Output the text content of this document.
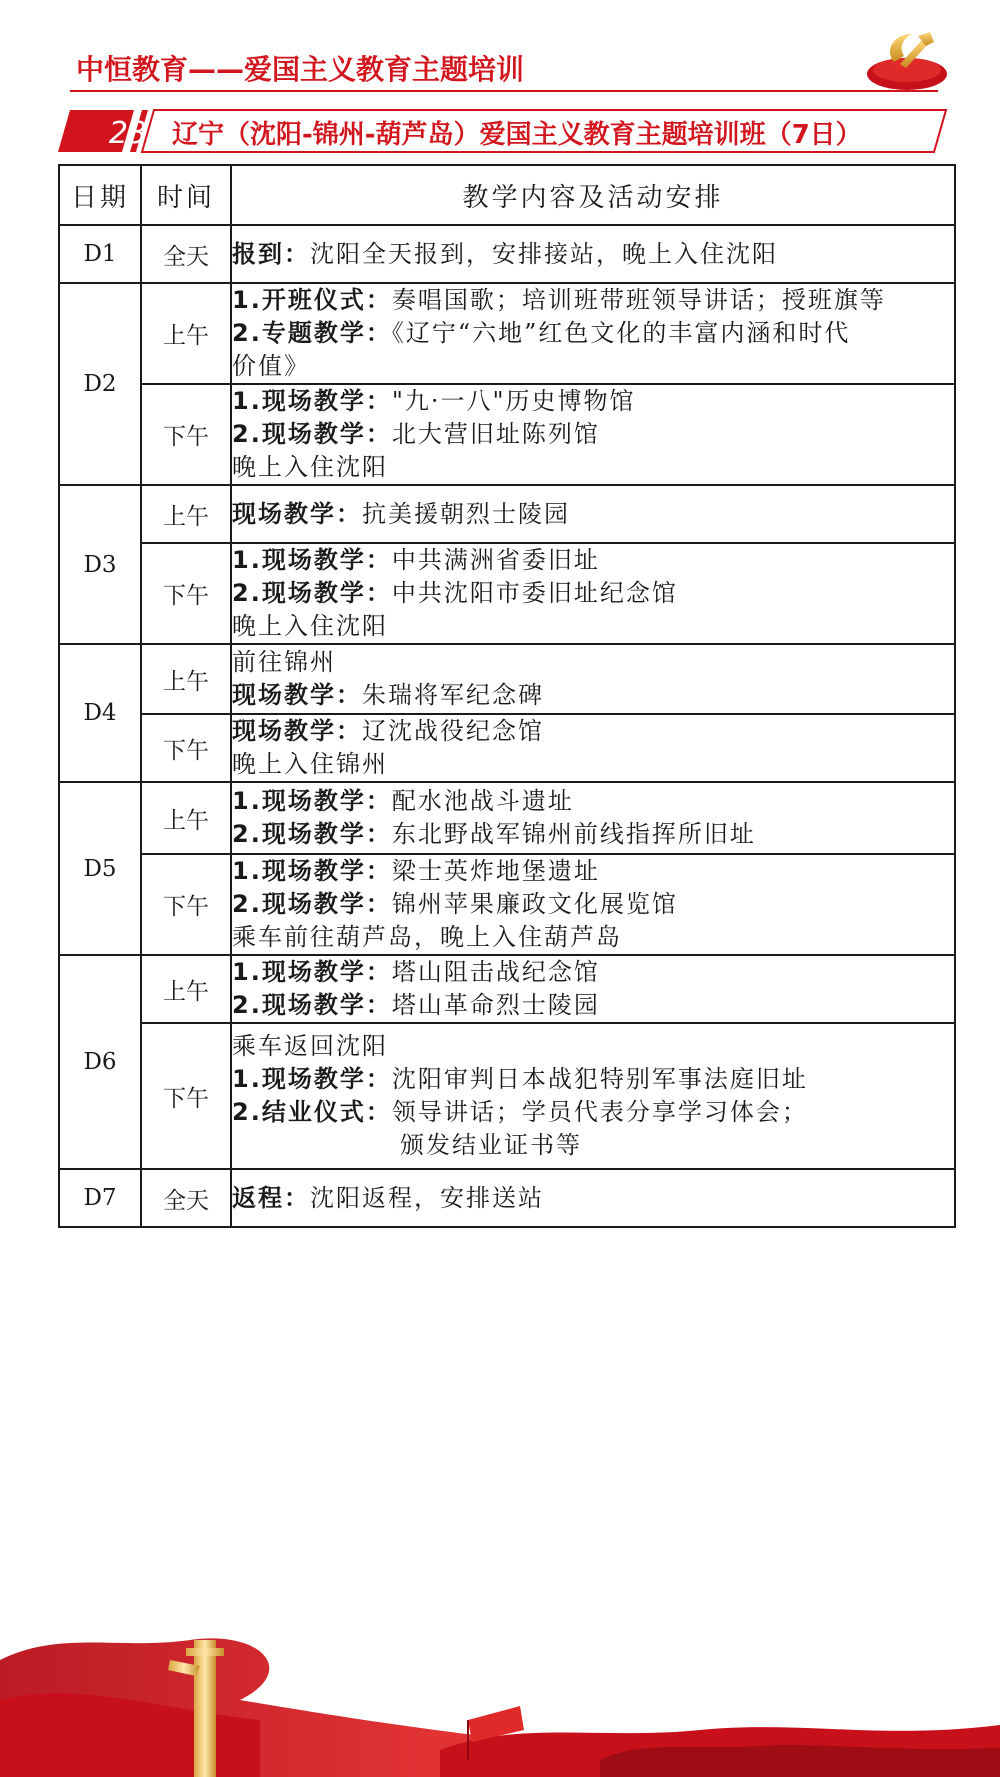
中恒教育——爱国主义教育主题培训
23 辽宁（沈阳-锦州-葫芦岛）爱国主义教育主题培训班（7日）
日期	时间	教学内容及活动安排
D1	全天	报到：沈阳全天报到，安排接站，晚上入住沈阳

D2	上午	1.开班仪式：奏唱国歌；培训班带班领导讲话；授班旗等
2.专题教学：《辽宁“六地”红色文化的丰富内涵和时代
价值》

	下午	1.现场教学："九·一八"历史博物馆
2.现场教学：北大营旧址陈列馆
晚上入住沈阳

D3	上午	现场教学：抗美援朝烈士陵园

	下午	1.现场教学：中共满洲省委旧址
2.现场教学：中共沈阳市委旧址纪念馆
晚上入住沈阳

D4	上午	前往锦州
现场教学：朱瑞将军纪念碑

	下午	现场教学：辽沈战役纪念馆
晚上入住锦州

D5	上午	1.现场教学：配水池战斗遗址
2.现场教学：东北野战军锦州前线指挥所旧址

	下午	1.现场教学：梁士英炸地堡遗址
2.现场教学：锦州苹果廉政文化展览馆
乘车前往葫芦岛，晚上入住葫芦岛

D6	上午	1.现场教学：塔山阻击战纪念馆
2.现场教学：塔山革命烈士陵园

	下午	乘车返回沈阳
1.现场教学：沈阳审判日本战犯特别军事法庭旧址
2.结业仪式：领导讲话；学员代表分享学习体会；
颁发结业证书等

D7	全天	返程：沈阳返程，安排送站
